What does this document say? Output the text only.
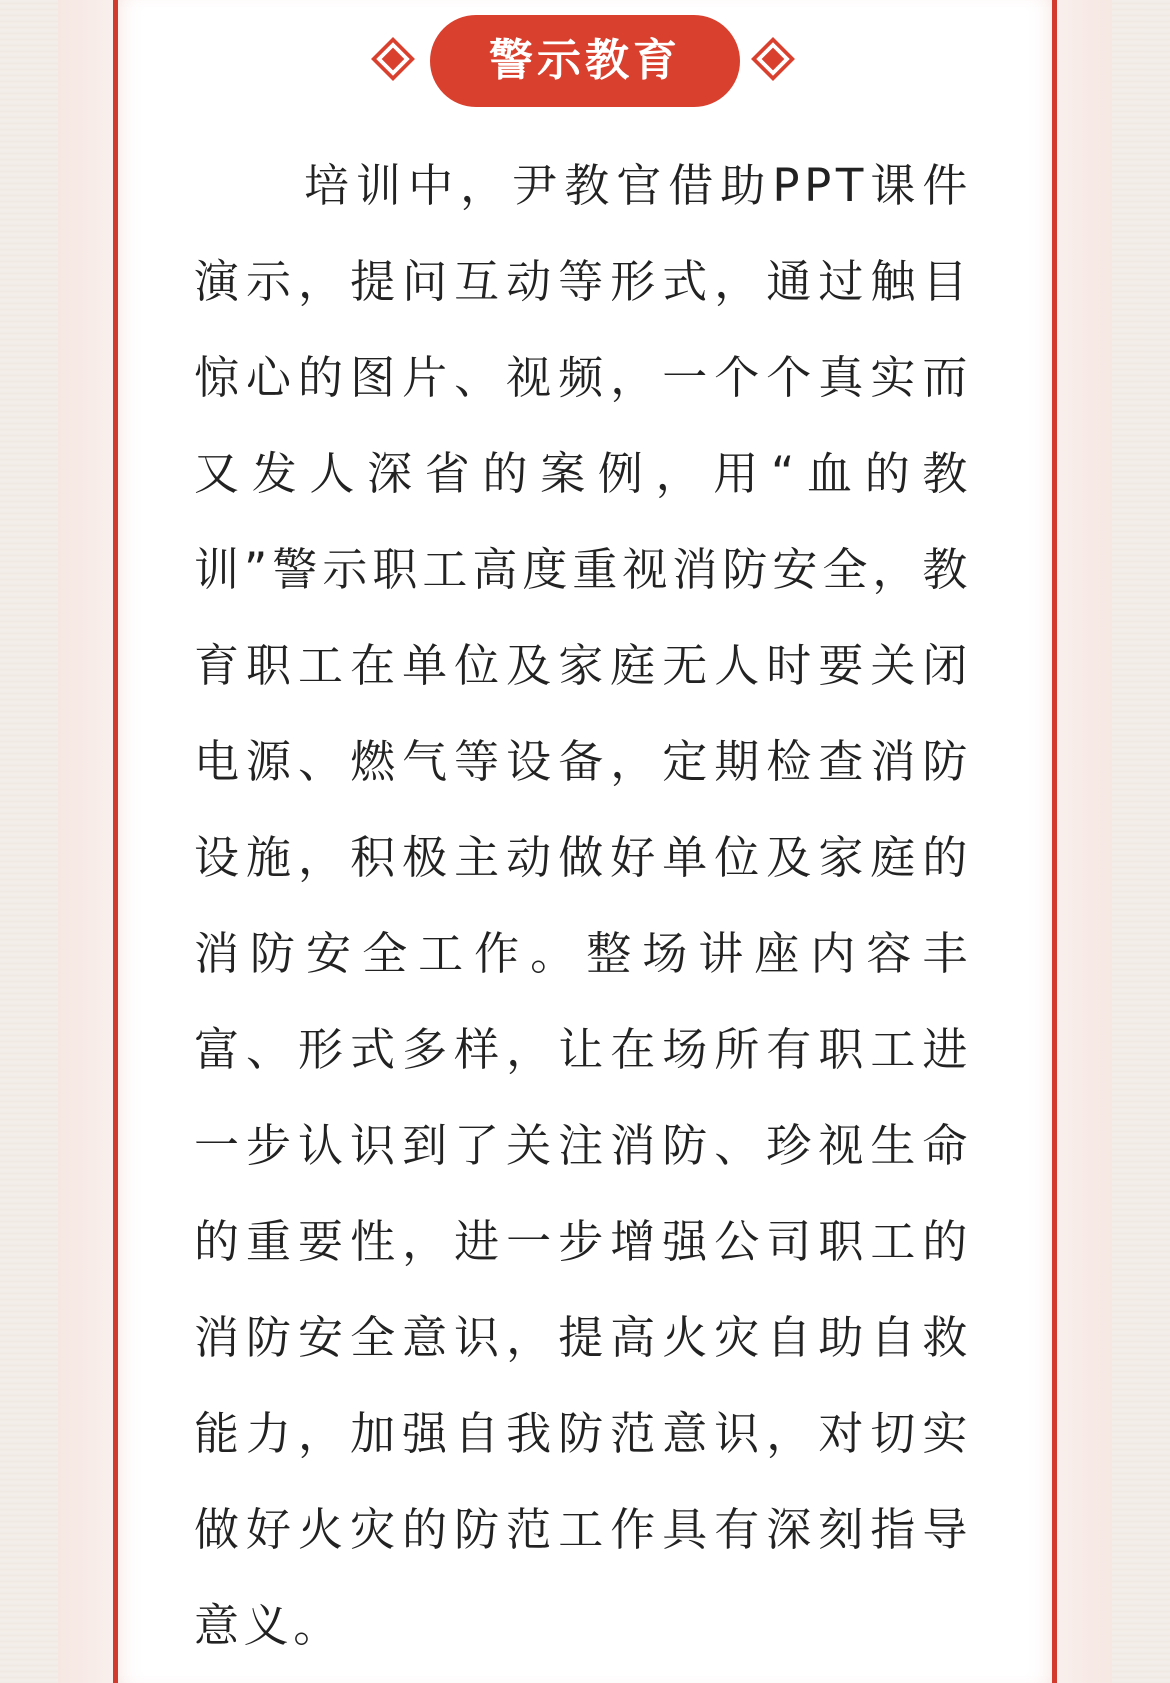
警示教育

培训中，尹教官借助PPT课件演示，提问互动等形式，通过触目惊心的图片、视频，一个个真实而又发人深省的案例，用“血的教训”警示职工高度重视消防安全，教育职工在单位及家庭无人时要关闭电源、燃气等设备，定期检查消防设施，积极主动做好单位及家庭的消防安全工作。整场讲座内容丰富、形式多样，让在场所有职工进一步认识到了关注消防、珍视生命的重要性，进一步增强公司职工的消防安全意识，提高火灾自助自救能力，加强自我防范意识，对切实做好火灾的防范工作具有深刻指导意义。
